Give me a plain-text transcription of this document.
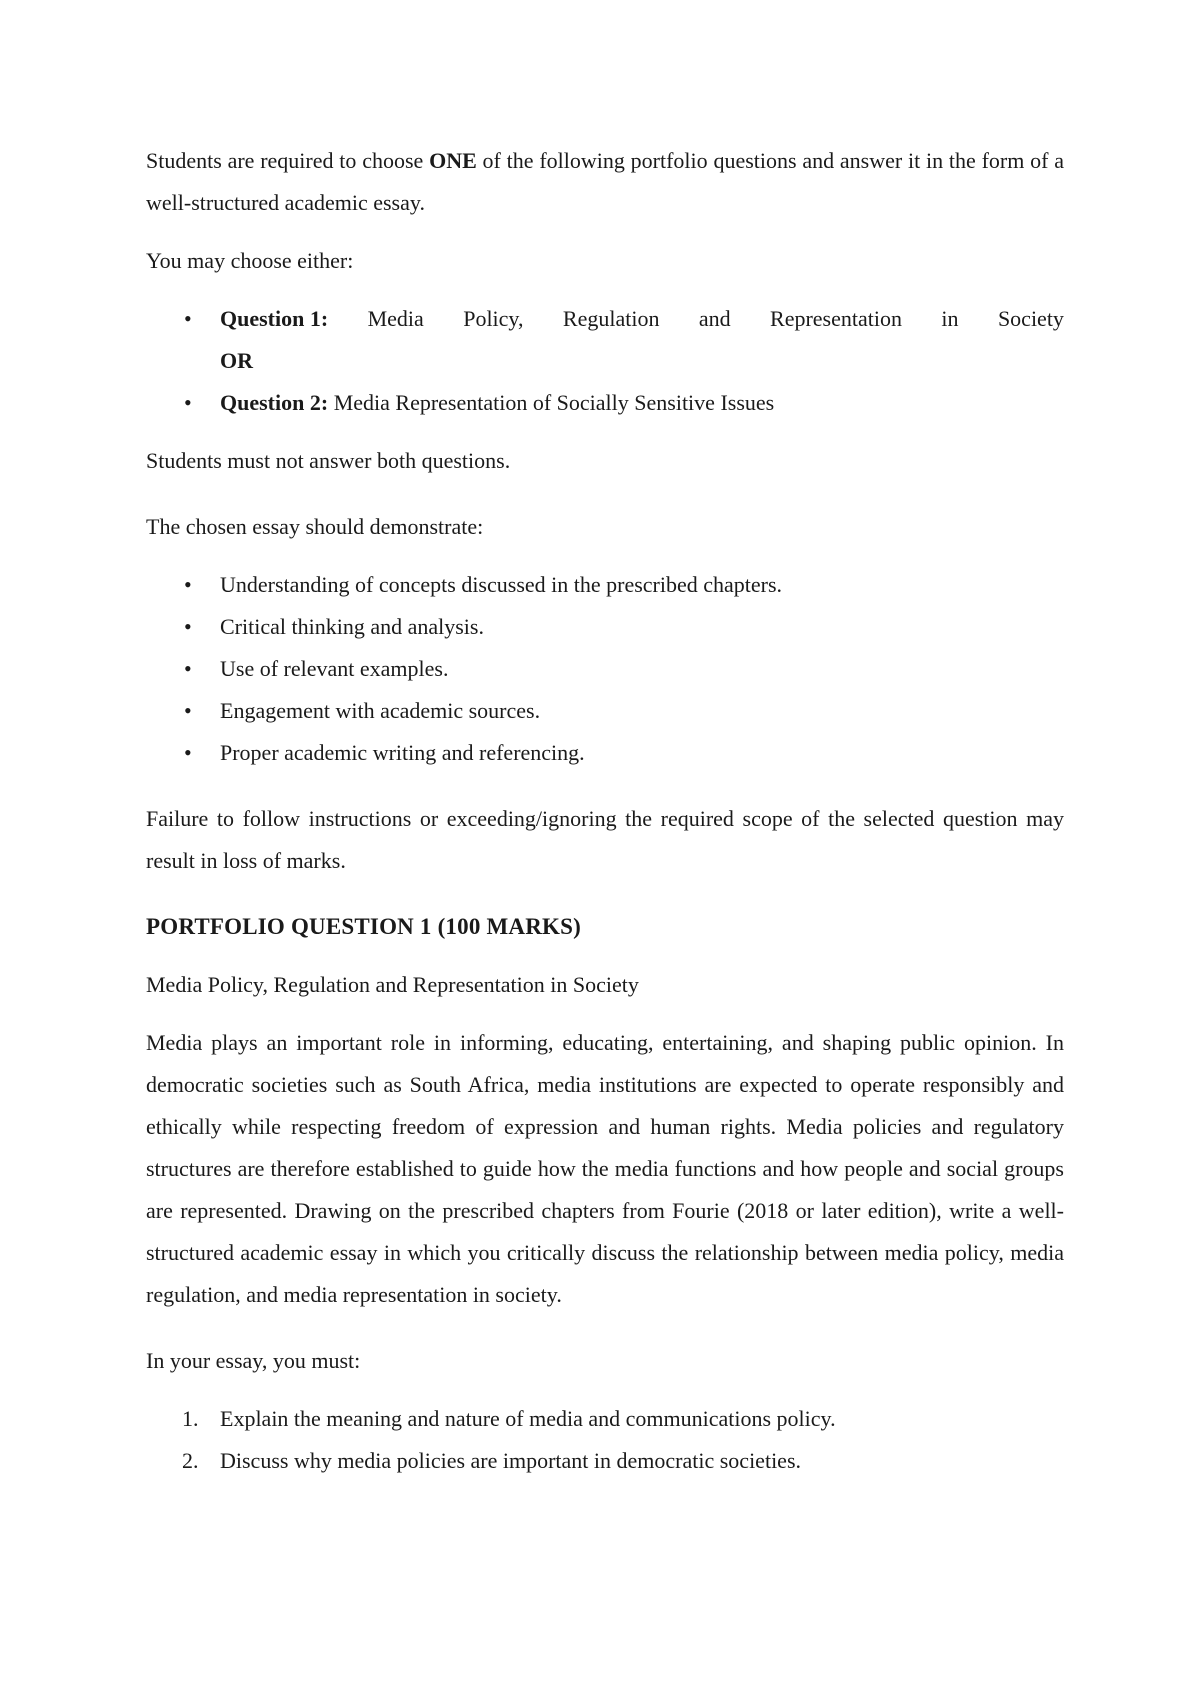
Students are required to choose ONE of the following portfolio questions and answer it in the form of a well-structured academic essay.

You may choose either:

• Question 1: Media Policy, Regulation and Representation in Society
OR
• Question 2: Media Representation of Socially Sensitive Issues

Students must not answer both questions.

The chosen essay should demonstrate:

• Understanding of concepts discussed in the prescribed chapters.
• Critical thinking and analysis.
• Use of relevant examples.
• Engagement with academic sources.
• Proper academic writing and referencing.

Failure to follow instructions or exceeding/ignoring the required scope of the selected question may result in loss of marks.

PORTFOLIO QUESTION 1 (100 MARKS)

Media Policy, Regulation and Representation in Society

Media plays an important role in informing, educating, entertaining, and shaping public opinion. In democratic societies such as South Africa, media institutions are expected to operate responsibly and ethically while respecting freedom of expression and human rights. Media policies and regulatory structures are therefore established to guide how the media functions and how people and social groups are represented. Drawing on the prescribed chapters from Fourie (2018 or later edition), write a well-structured academic essay in which you critically discuss the relationship between media policy, media regulation, and media representation in society.

In your essay, you must:

1. Explain the meaning and nature of media and communications policy.
2. Discuss why media policies are important in democratic societies.
